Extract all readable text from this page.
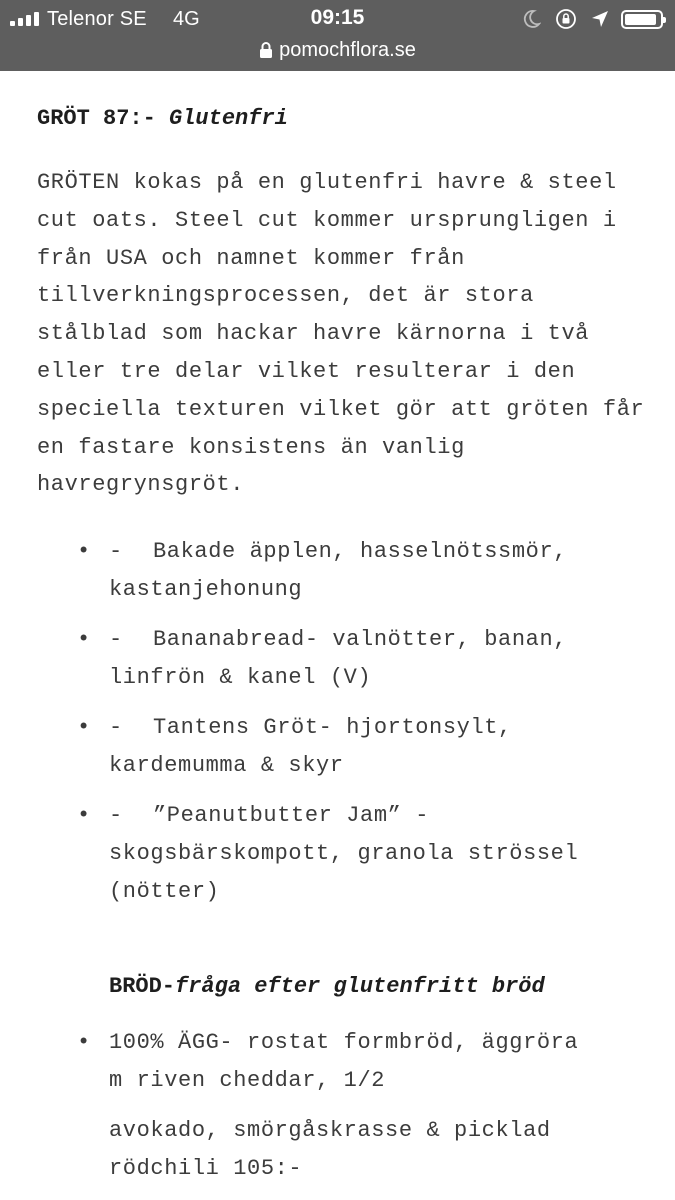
Telenor SE 4G	09:15
pomochflora.se
GRÖT 87:- Glutenfri

GRÖTEN kokas på en glutenfri havre & steel cut oats. Steel cut kommer ursprungligen i från USA och namnet kommer från tillverkningsprocessen, det är stora stålblad som hackar havre kärnorna i två eller tre delar vilket resulterar i den speciella texturen vilket gör att gröten får en fastare konsistens än vanlig havregrynsgröt.

• - Bakade äpplen, hasselnötssmör,
kastanjehonung
• - Bananabread- valnötter, banan,
linfrön & kanel (V)
• - Tantens Gröt- hjortonsylt,
kardemumma & skyr
• - ”Peanutbutter Jam” -
skogsbärskompott, granola strössel
(nötter)
• 100% ÄGG- rostat formbröd, äggröra
m riven cheddar, 1/2
BRÖD-fråga efter glutenfritt bröd

avokado, smörgåskrasse & picklad
rödchili 105:-
